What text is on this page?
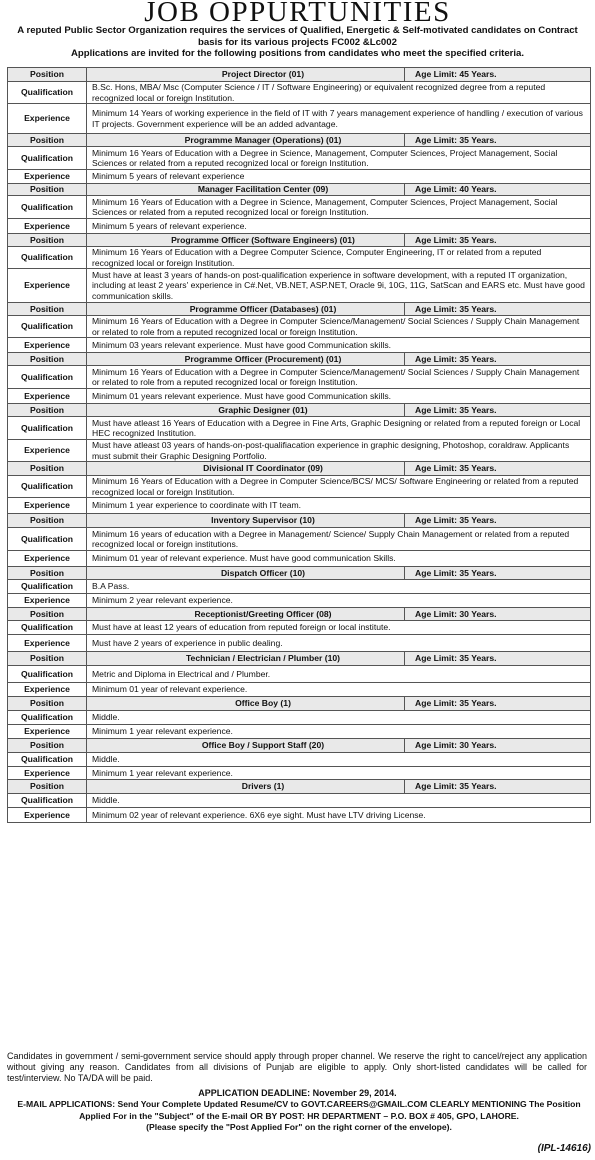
JOB OPPURTUNITIES
A reputed Public Sector Organization requires the services of Qualified, Energetic & Self-motivated candidates on Contract basis for its various projects FC002 &Lc002
Applications are invited for the following positions from candidates who meet the specified criteria.
Position	Project Director (01)	Age Limit: 45 Years.
Qualification	B.Sc. Hons, MBA/ Msc (Computer Science / IT / Software Engineering) or equivalent recognized degree from a reputed recognized local or foreign Institution.	
Experience	Minimum 14 Years of working experience in the field of IT with 7 years management experience of handling / execution of various IT projects. Government experience will be an added advantage.	
Position	Programme Manager (Operations) (01)	Age Limit: 35 Years.
Qualification	Minimum 16 Years of Education with a Degree in Science, Management, Computer Sciences, Project Management, Social Sciences or related from a reputed recognized local or foreign Institution.	
Experience	Minimum 5 years of relevant experience	
Position	Manager Facilitation Center (09)	Age Limit: 40 Years.
Qualification	Minimum 16 Years of Education with a Degree in Science, Management, Computer Sciences, Project Management, Social Sciences or related from a reputed recognized local or foreign Institution.	
Experience	Minimum 5 years of relevant experience.	
Position	Programme Officer (Software Engineers) (01)	Age Limit: 35 Years.
Qualification	Minimum 16 Years of Education with a Degree Computer Science, Computer Engineering, IT or related from a reputed recognized local or foreign Institution.	
Experience	Must have at least 3 years of hands-on post-qualification experience in software development, with a reputed IT organization, including at least 2 years' experience in C#.Net, VB.NET, ASP.NET, Oracle 9i, 10G, 11G, SatScan and EARS etc. Must have good communication skills.	
Position	Programme Officer (Databases) (01)	Age Limit: 35 Years.
Qualification	Minimum 16 Years of Education with a Degree in Computer Science/Management/ Social Sciences / Supply Chain Management or related to role from a reputed recognized local or foreign Institution.	
Experience	Minimum 03 years relevant experience. Must have good Communication skills.	
Position	Programme Officer (Procurement) (01)	Age Limit: 35 Years.
Qualification	Minimum 16 Years of Education with a Degree in Computer Science/Management/ Social Sciences / Supply Chain Management or related to role from a reputed recognized local or foreign Institution.	
Experience	Minimum 01 years relevant experience. Must have good Communication skills.	
Position	Graphic Designer (01)	Age Limit: 35 Years.
Qualification	Must have atleast 16 Years of Education with a Degree in Fine Arts, Graphic Designing or related from a reputed foreign or Local HEC recognized Institution.	
Experience	Must have atleast 03 years of hands-on-post-qualifiacation experience in graphic designing, Photoshop, coraldraw. Applicants must submit their Graphic Designing Portfolio.	
Position	Divisional IT Coordinator (09)	Age Limit: 35 Years.
Qualification	Minimum 16 Years of Education with a Degree in Computer Science/BCS/ MCS/ Software Engineering or related from a reputed recognized local or foreign Institution.	
Experience	Minimum 1 year experience to coordinate with IT team.	
Position	Inventory Supervisor (10)	Age Limit: 35 Years.
Qualification	Minimum 16 years of education with a Degree in Management/ Science/ Supply Chain Management or related from a reputed recognized local or foreign institutions.	
Experience	Minimum 01 year of relevant experience. Must have good communication Skills.	
Position	Dispatch Officer (10)	Age Limit: 35 Years.
Qualification	B.A Pass.	
Experience	Minimum 2 year relevant experience.	
Position	Receptionist/Greeting Officer (08)	Age Limit: 30 Years.
Qualification	Must have at least 12 years of education from reputed foreign or local institute.	
Experience	Must have 2 years of experience in public dealing.	
Position	Technician / Electrician / Plumber (10)	Age Limit: 35 Years.
Qualification	Metric and Diploma in Electrical and / Plumber.	
Experience	Minimum 01 year of relevant experience.	
Position	Office Boy (1)	Age Limit: 35 Years.
Qualification	Middle.	
Experience	Minimum 1 year relevant experience.	
Position	Office Boy / Support Staff (20)	Age Limit: 30 Years.
Qualification	Middle.	
Experience	Minimum 1 year relevant experience.	
Position	Drivers (1)	Age Limit: 35 Years.
Qualification	Middle.	
Experience	Minimum 02 year of relevant experience. 6X6 eye sight. Must have LTV driving License.	
Candidates in government / semi-government service should apply through proper channel. We reserve the right to cancel/reject any application without giving any reason. Candidates from all divisions of Punjab are eligible to apply. Only short-listed candidates will be called for test/interview. No TA/DA will be paid.
APPLICATION DEADLINE: November 29, 2014.
E-MAIL APPLICATIONS: Send Your Complete Updated Resume/CV to GOVT.CAREERS@GMAIL.COM CLEARLY MENTIONING The Position Applied For in the "Subject" of the E-mail OR BY POST: HR DEPARTMENT – P.O. BOX # 405, GPO, LAHORE.
(Please specify the "Post Applied For" on the right corner of the envelope).
(IPL-14616)
